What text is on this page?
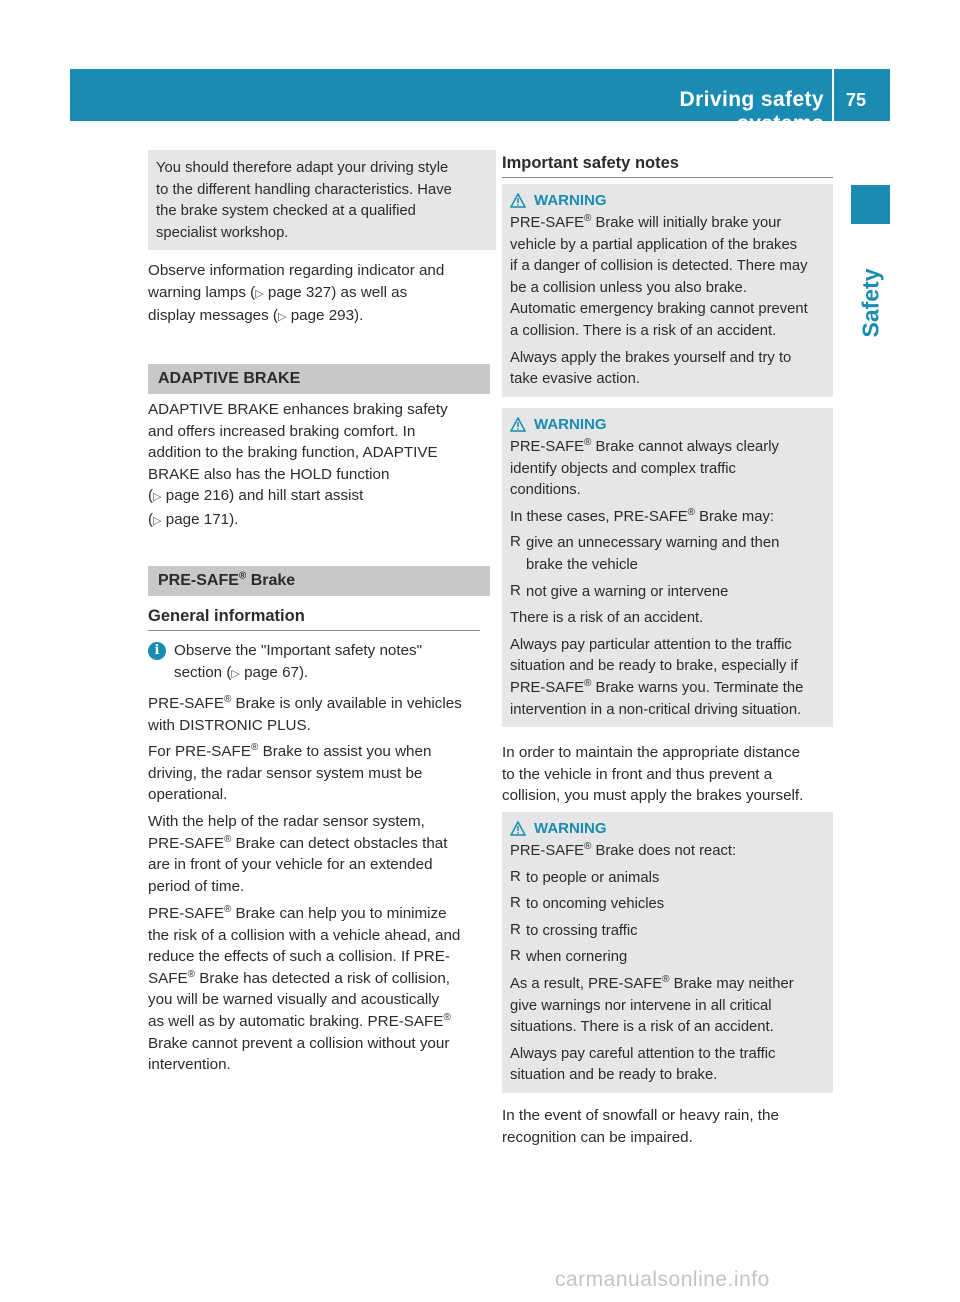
Driving safety systems
75
Safety

You should therefore adapt your driving style

to the different handling characteristics. Have

the brake system checked at a qualified

specialist workshop.

Observe information regarding indicator and

warning lamps (▷ page 327) as well as

display messages (▷ page 293).

ADAPTIVE BRAKE

ADAPTIVE BRAKE enhances braking safety

and offers increased braking comfort. In

addition to the braking function, ADAPTIVE

BRAKE also has the HOLD function

(▷ page 216) and hill start assist

(▷ page 171).

PRE-SAFE® Brake
General information
i Observe the "Important safety notes"

section (▷ page 67).

PRE-SAFE® Brake is only available in vehicles

with DISTRONIC PLUS.

For PRE-SAFE® Brake to assist you when

driving, the radar sensor system must be

operational.

With the help of the radar sensor system,

PRE-SAFE® Brake can detect obstacles that

are in front of your vehicle for an extended

period of time.

PRE-SAFE® Brake can help you to minimize

the risk of a collision with a vehicle ahead, and

reduce the effects of such a collision. If PRE-

SAFE® Brake has detected a risk of collision,

you will be warned visually and acoustically

as well as by automatic braking. PRE-SAFE®

Brake cannot prevent a collision without your

intervention.

Important safety notes
WARNING

PRE-SAFE® Brake will initially brake your

vehicle by a partial application of the brakes

if a danger of collision is detected. There may

be a collision unless you also brake.

Automatic emergency braking cannot prevent

a collision. There is a risk of an accident.

Always apply the brakes yourself and try to

take evasive action.

WARNING

PRE-SAFE® Brake cannot always clearly

identify objects and complex traffic

conditions.

In these cases, PRE-SAFE® Brake may:

R give an unnecessary warning and then

brake the vehicle

R not give a warning or intervene

There is a risk of an accident.

Always pay particular attention to the traffic

situation and be ready to brake, especially if

PRE-SAFE® Brake warns you. Terminate the

intervention in a non-critical driving situation.

In order to maintain the appropriate distance

to the vehicle in front and thus prevent a

collision, you must apply the brakes yourself.

WARNING

PRE-SAFE® Brake does not react:

R to people or animals

R to oncoming vehicles

R to crossing traffic

R when cornering

As a result, PRE-SAFE® Brake may neither

give warnings nor intervene in all critical

situations. There is a risk of an accident.

Always pay careful attention to the traffic

situation and be ready to brake.

In the event of snowfall or heavy rain, the

recognition can be impaired.

carmanualsonline.info
